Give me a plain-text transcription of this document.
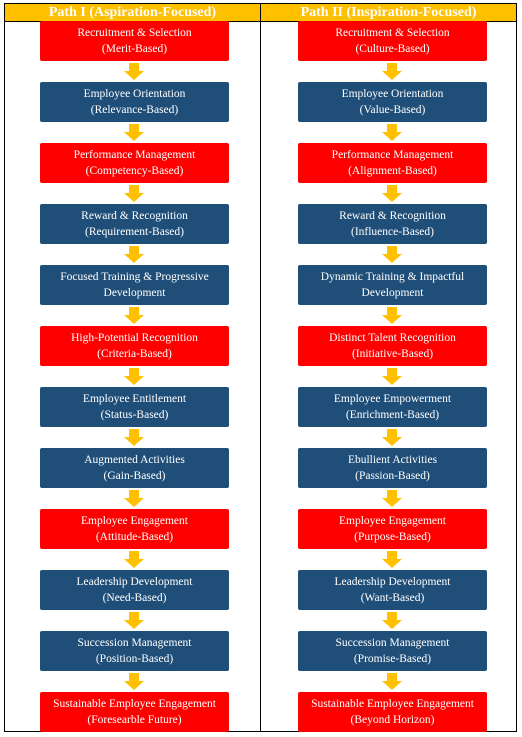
Path I (Aspiration-Focused)	Path II (Inspiration-Focused)
Recruitment & Selection
(Merit-Based)
Employee Orientation
(Relevance-Based)
Performance Management
(Competency-Based)
Reward & Recognition
(Requirement-Based)
Focused Training & Progressive
Development
High-Potential Recognition
(Criteria-Based)
Employee Entitlement
(Status-Based)
Augmented Activities
(Gain-Based)
Employee Engagement
(Attitude-Based)
Leadership Development
(Need-Based)
Succession Management
(Position-Based)
Sustainable Employee Engagement
(Foresearble Future)
Recruitment & Selection
(Culture-Based)
Employee Orientation
(Value-Based)
Performance Management
(Alignment-Based)
Reward & Recognition
(Influence-Based)
Dynamic Training & Impactful
Development
Distinct Talent Recognition
(Initiative-Based)
Employee Empowerment
(Enrichment-Based)
Ebullient Activities
(Passion-Based)
Employee Engagement
(Purpose-Based)
Leadership Development
(Want-Based)
Succession Management
(Promise-Based)
Sustainable Employee Engagement
(Beyond Horizon)
